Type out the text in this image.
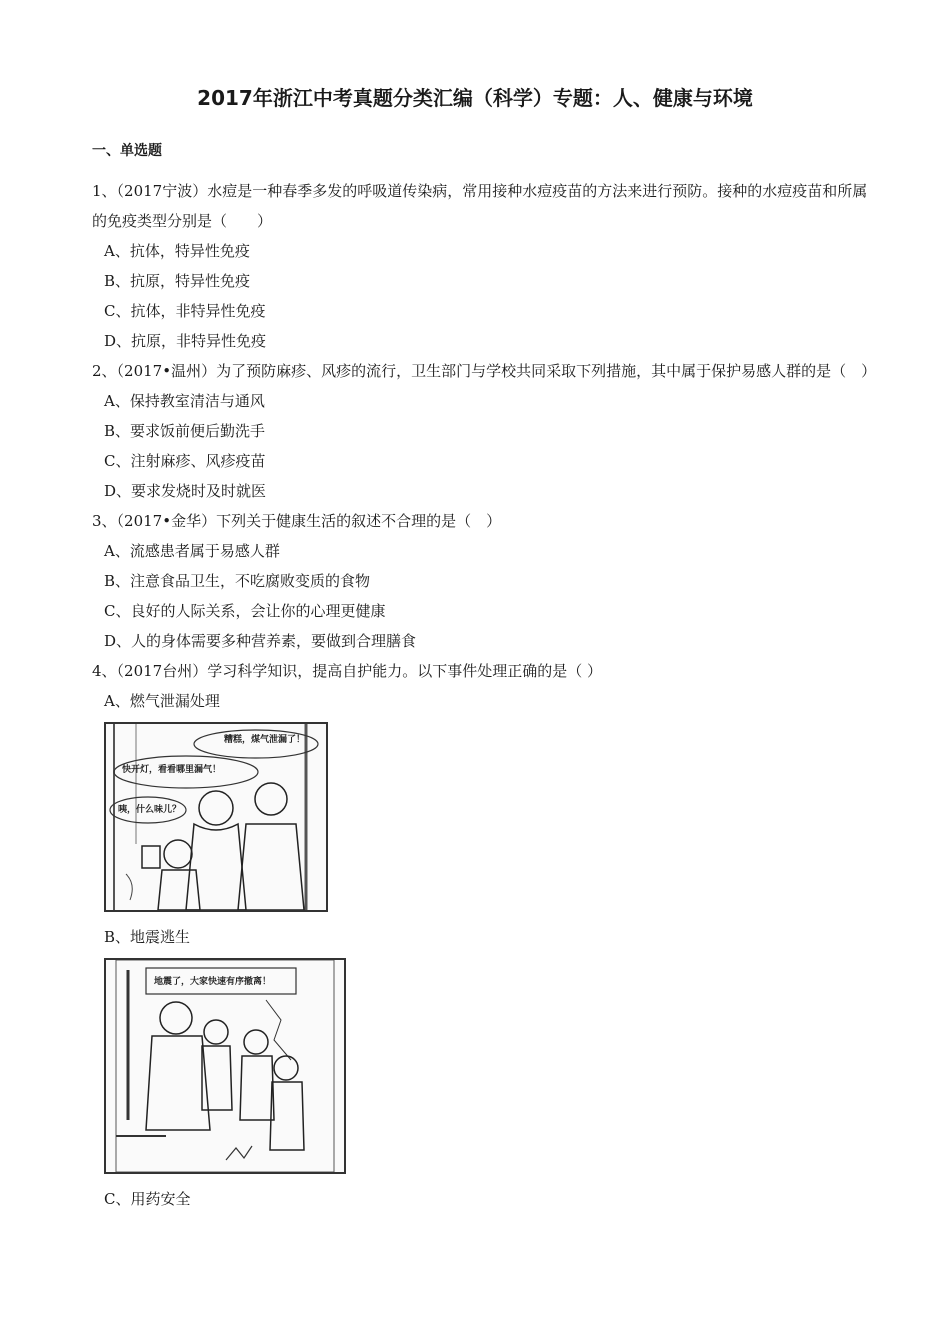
2017年浙江中考真题分类汇编（科学）专题：人、健康与环境
一、单选题

1、（2017宁波）水痘是一种春季多发的呼吸道传染病，常用接种水痘疫苗的方法来进行预防。接种的水痘疫苗和所属的免疫类型分别是（　　）

A、抗体，特异性免疫

B、抗原，特异性免疫

C、抗体，非特异性免疫

D、抗原，非特异性免疫

2、（2017•温州）为了预防麻疹、风疹的流行，卫生部门与学校共同采取下列措施，其中属于保护易感人群的是（　）

A、保持教室清洁与通风

B、要求饭前便后勤洗手

C、注射麻疹、风疹疫苗

D、要求发烧时及时就医

3、（2017•金华）下列关于健康生活的叙述不合理的是（　）

A、流感患者属于易感人群

B、注意食品卫生，不吃腐败变质的食物

C、良好的人际关系，会让你的心理更健康

D、人的身体需要多种营养素，要做到合理膳食

4、（2017台州）学习科学知识，提高自护能力。以下事件处理正确的是（ ）

A、燃气泄漏处理

糟糕，煤气泄漏了！
快开灯，看看哪里漏气！
咦，什么味儿？

B、地震逃生

地震了，大家快速有序撤离！

C、用药安全
